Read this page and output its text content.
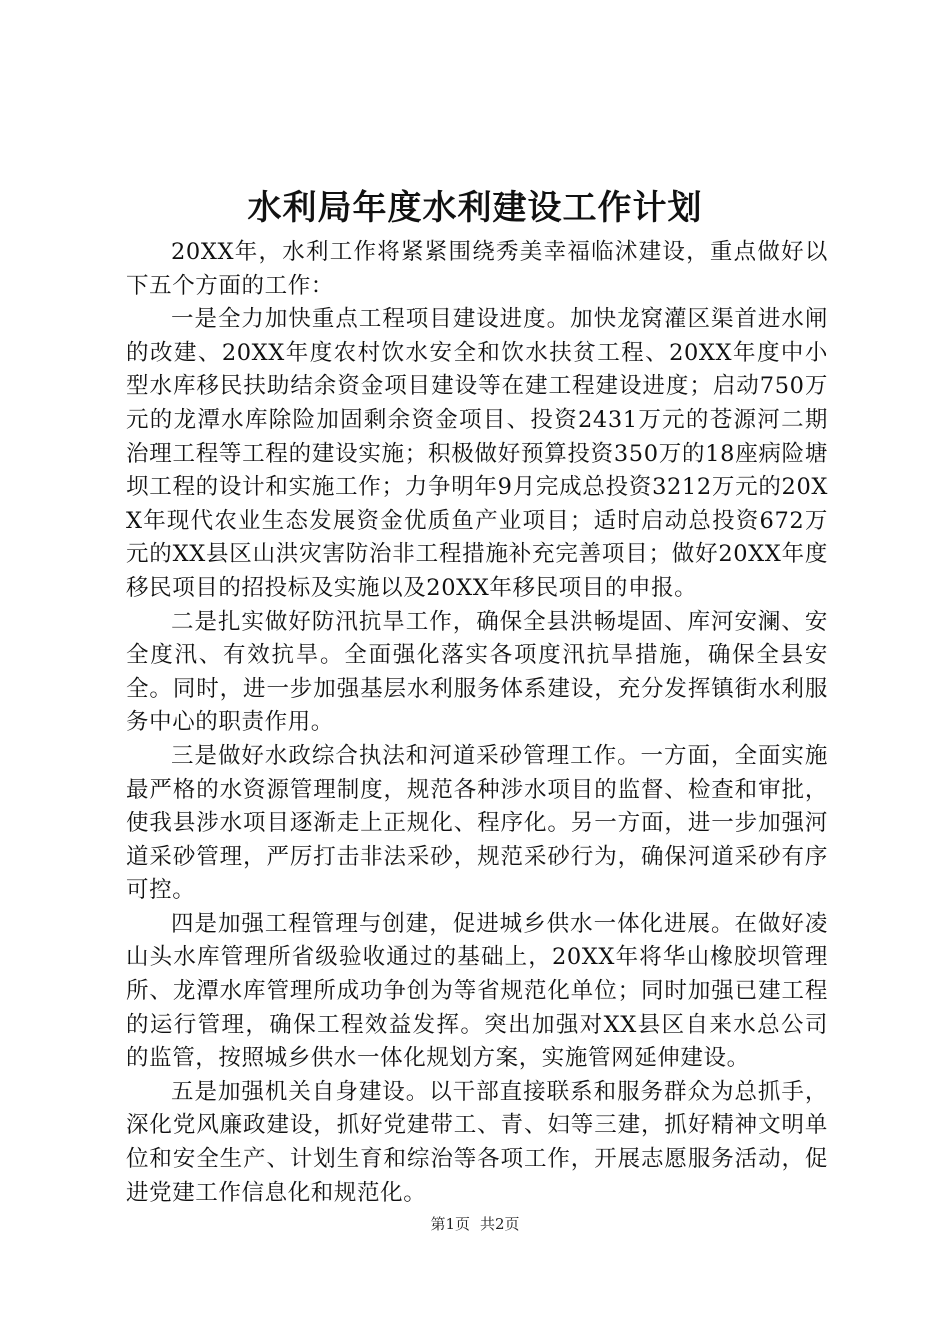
水利局年度水利建设工作计划

20XX年，水利工作将紧紧围绕秀美幸福临沭建设，重点做好以下五个方面的工作：

一是全力加快重点工程项目建设进度。加快龙窝灌区渠首进水闸的改建、20XX年度农村饮水安全和饮水扶贫工程、20XX年度中小型水库移民扶助结余资金项目建设等在建工程建设进度；启动750万元的龙潭水库除险加固剩余资金项目、投资2431万元的苍源河二期治理工程等工程的建设实施；积极做好预算投资350万的18座病险塘坝工程的设计和实施工作；力争明年9月完成总投资3212万元的20XX年现代农业生态发展资金优质鱼产业项目；适时启动总投资672万元的XX县区山洪灾害防治非工程措施补充完善项目；做好20XX年度移民项目的招投标及实施以及20XX年移民项目的申报。

二是扎实做好防汛抗旱工作，确保全县洪畅堤固、库河安澜、安全度汛、有效抗旱。全面强化落实各项度汛抗旱措施，确保全县安全。同时，进一步加强基层水利服务体系建设，充分发挥镇街水利服务中心的职责作用。

三是做好水政综合执法和河道采砂管理工作。一方面，全面实施最严格的水资源管理制度，规范各种涉水项目的监督、检查和审批，使我县涉水项目逐渐走上正规化、程序化。另一方面，进一步加强河道采砂管理，严厉打击非法采砂，规范采砂行为，确保河道采砂有序可控。

四是加强工程管理与创建，促进城乡供水一体化进展。在做好凌山头水库管理所省级验收通过的基础上，20XX年将华山橡胶坝管理所、龙潭水库管理所成功争创为等省规范化单位；同时加强已建工程的运行管理，确保工程效益发挥。突出加强对XX县区自来水总公司的监管，按照城乡供水一体化规划方案，实施管网延伸建设。

五是加强机关自身建设。以干部直接联系和服务群众为总抓手，深化党风廉政建设，抓好党建带工、青、妇等三建，抓好精神文明单位和安全生产、计划生育和综治等各项工作，开展志愿服务活动，促进党建工作信息化和规范化。

第1页 共2页
